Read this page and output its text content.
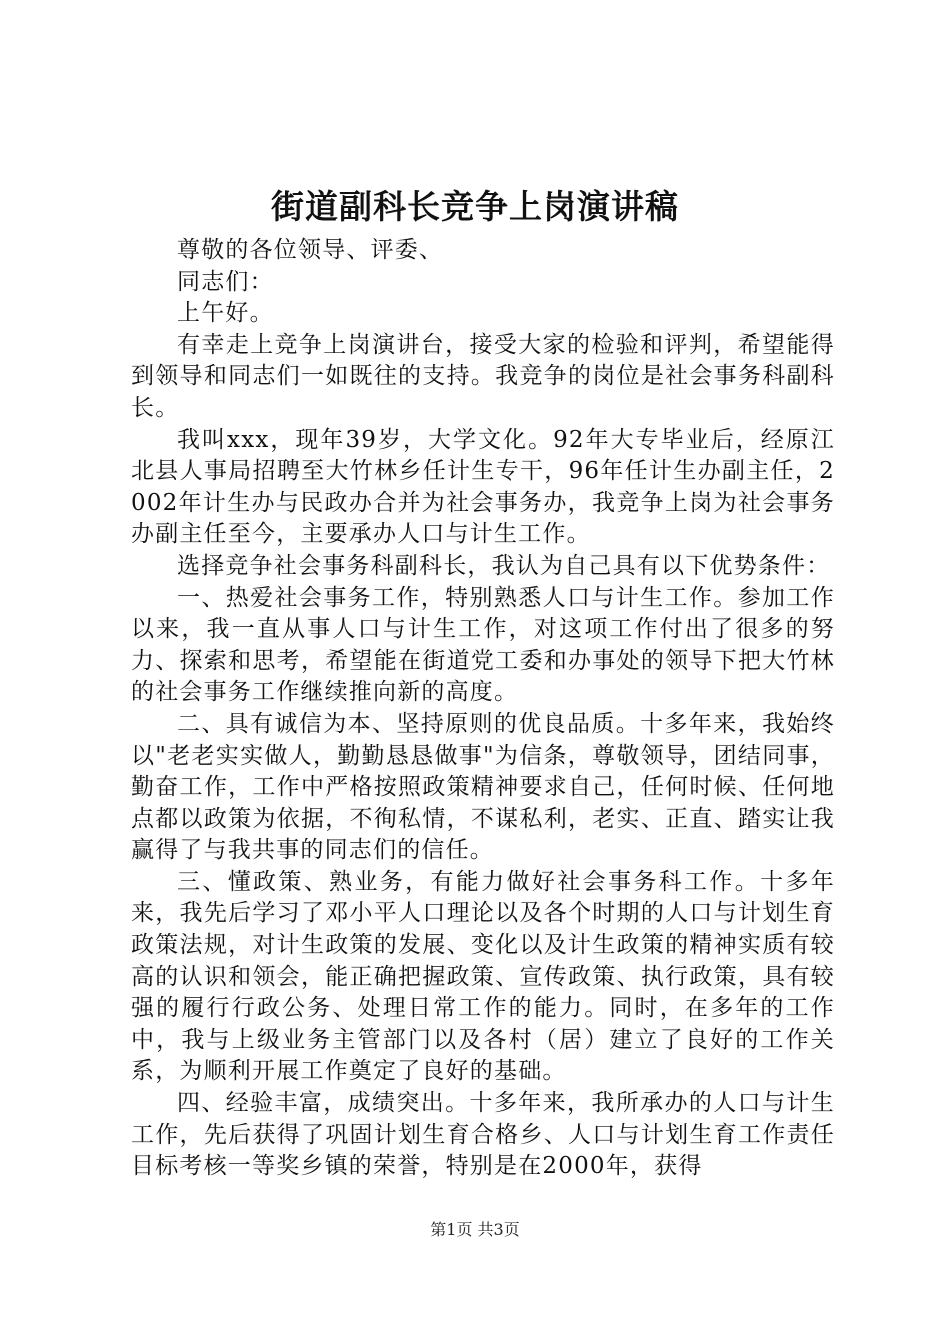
街道副科长竞争上岗演讲稿

尊敬的各位领导、评委、

同志们：

上午好。

有幸走上竞争上岗演讲台，接受大家的检验和评判，希望能得到领导和同志们一如既往的支持。我竞争的岗位是社会事务科副科长。

我叫xxx，现年39岁，大学文化。92年大专毕业后，经原江北县人事局招聘至大竹林乡任计生专干，96年任计生办副主任，2002年计生办与民政办合并为社会事务办，我竞争上岗为社会事务办副主任至今，主要承办人口与计生工作。

选择竞争社会事务科副科长，我认为自己具有以下优势条件：

一、热爱社会事务工作，特别熟悉人口与计生工作。参加工作以来，我一直从事人口与计生工作，对这项工作付出了很多的努力、探索和思考，希望能在街道党工委和办事处的领导下把大竹林的社会事务工作继续推向新的高度。

二、具有诚信为本、坚持原则的优良品质。十多年来，我始终以"老老实实做人，勤勤恳恳做事"为信条，尊敬领导，团结同事，勤奋工作，工作中严格按照政策精神要求自己，任何时候、任何地点都以政策为依据，不徇私情，不谋私利，老实、正直、踏实让我赢得了与我共事的同志们的信任。

三、懂政策、熟业务，有能力做好社会事务科工作。十多年来，我先后学习了邓小平人口理论以及各个时期的人口与计划生育政策法规，对计生政策的发展、变化以及计生政策的精神实质有较高的认识和领会，能正确把握政策、宣传政策、执行政策，具有较强的履行行政公务、处理日常工作的能力。同时，在多年的工作中，我与上级业务主管部门以及各村（居）建立了良好的工作关系，为顺利开展工作奠定了良好的基础。

四、经验丰富，成绩突出。十多年来，我所承办的人口与计生工作，先后获得了巩固计划生育合格乡、人口与计划生育工作责任目标考核一等奖乡镇的荣誉，特别是在2000年，获得

第1页 共3页
